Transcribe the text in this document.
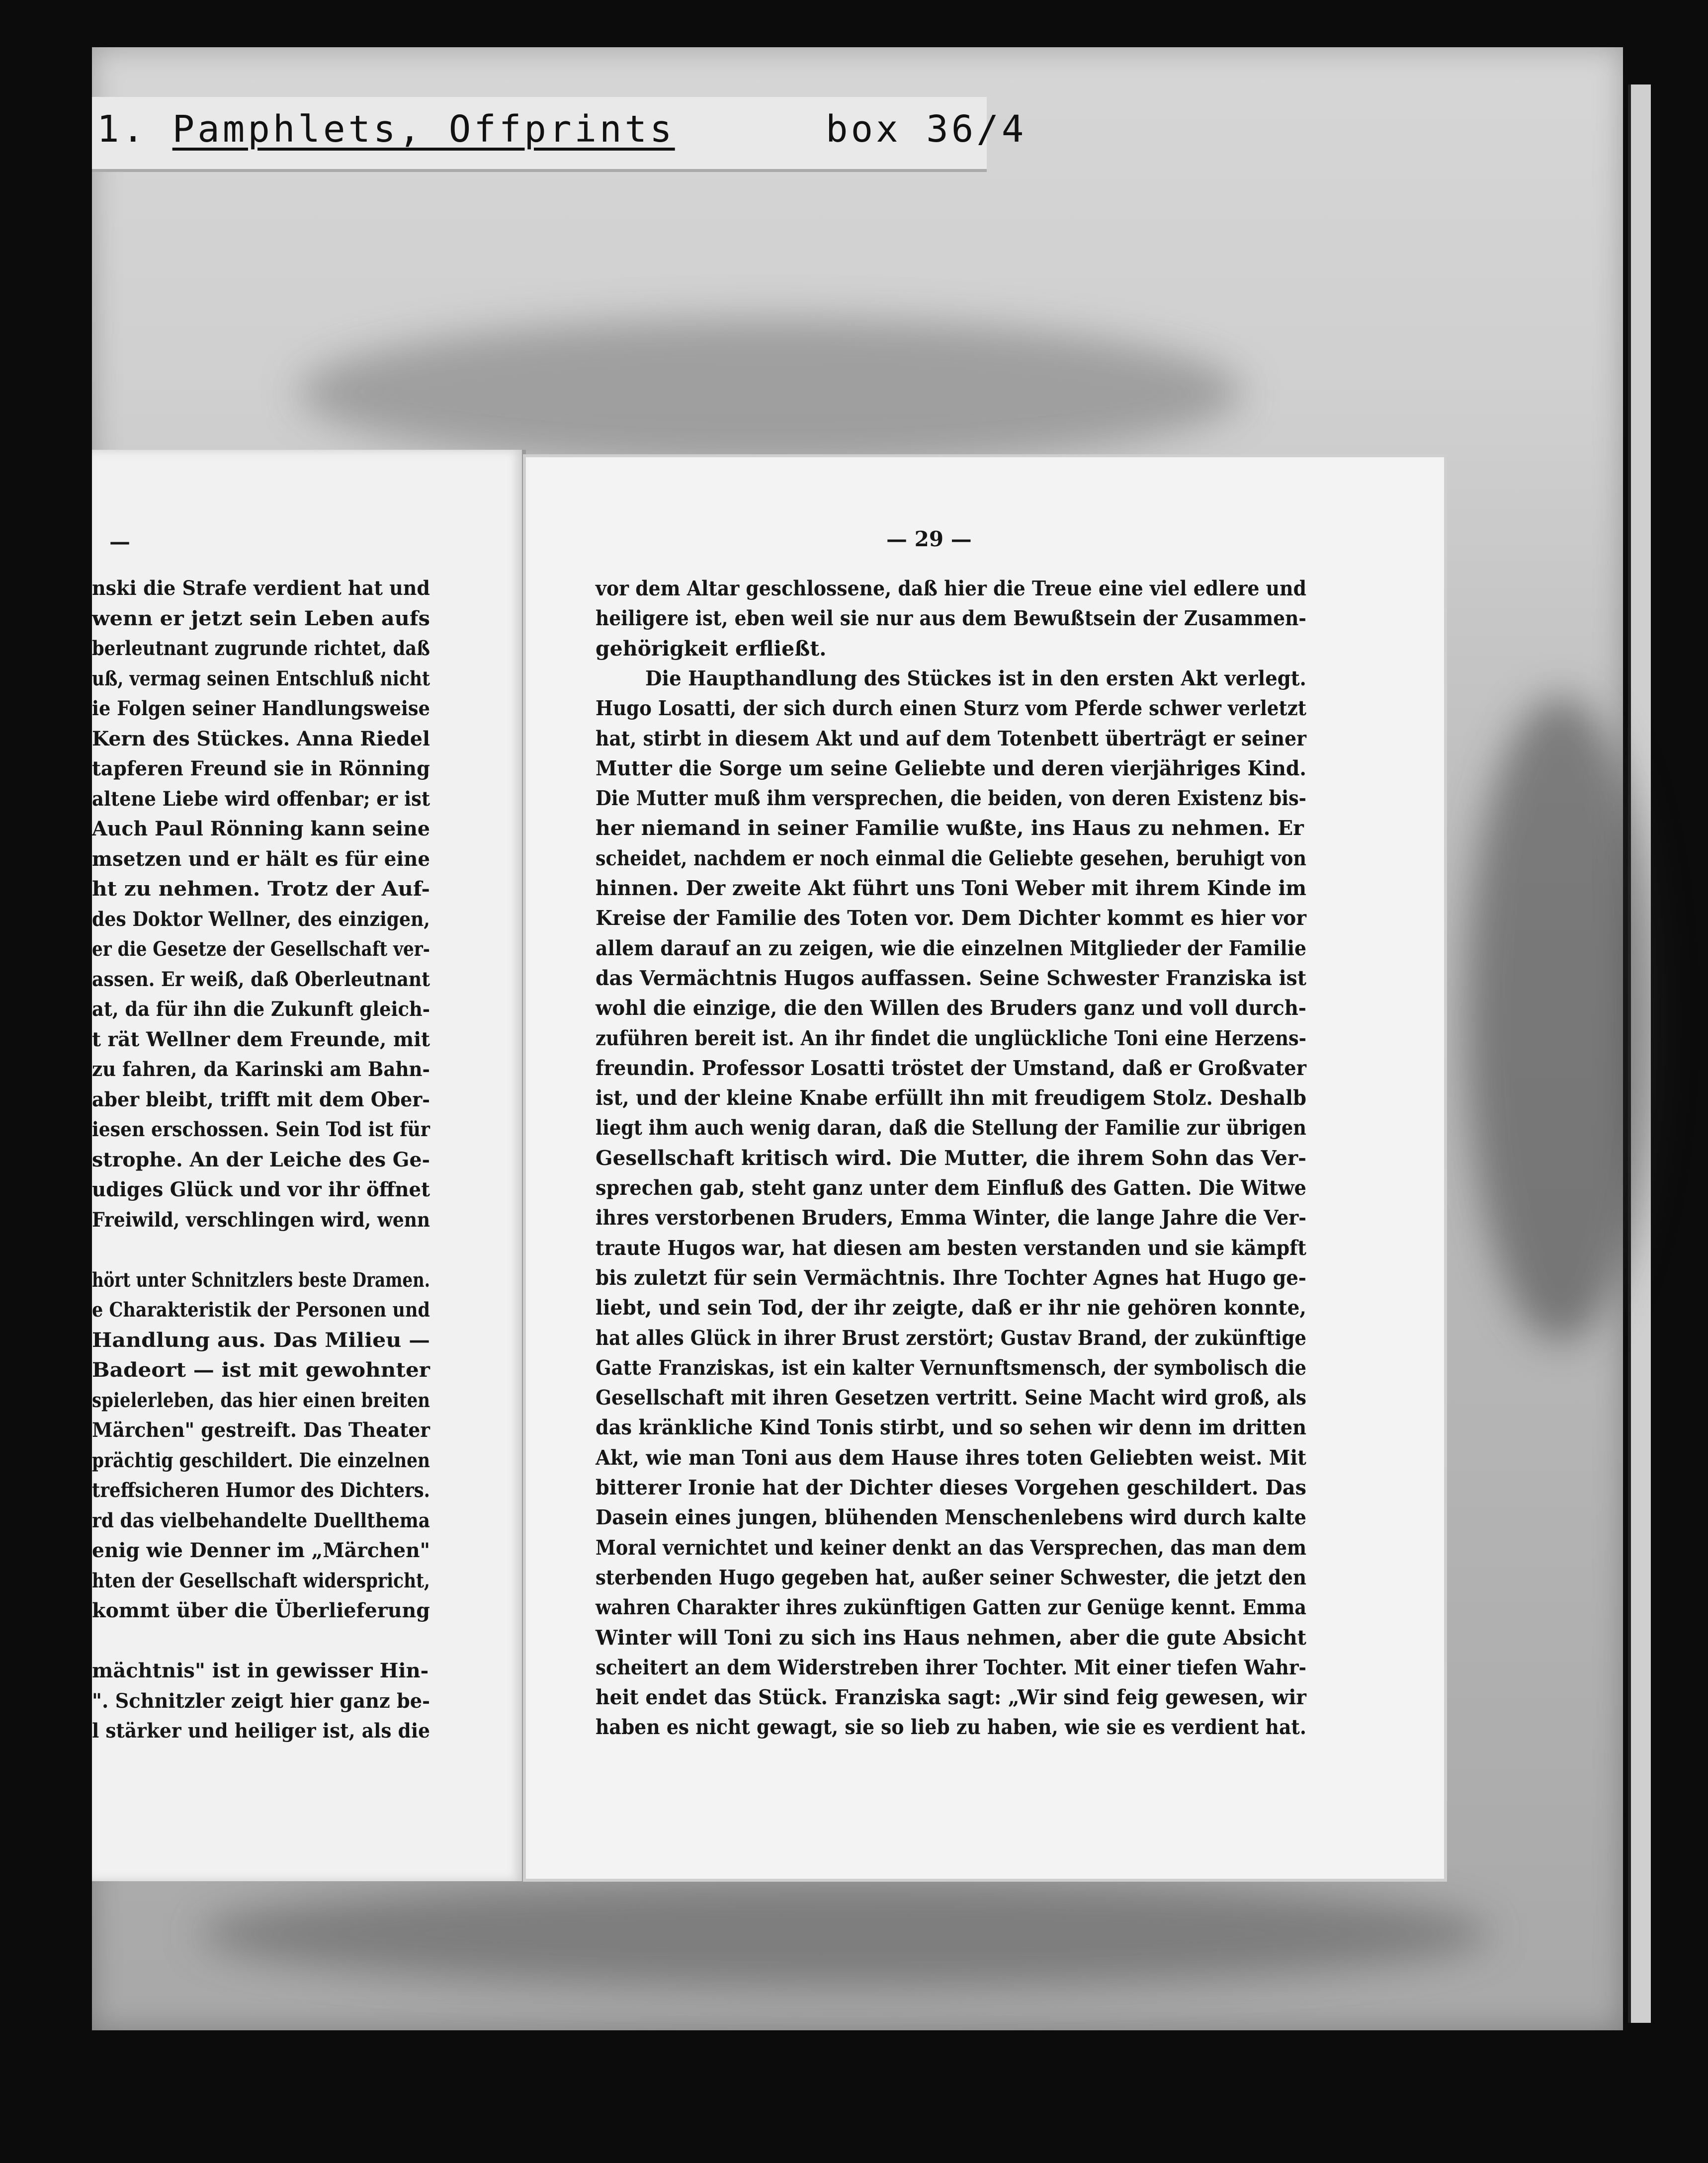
1. Pamphlets, Offprints	box 36/4
—
nski die Strafe verdient hat und
wenn er jetzt sein Leben aufs
berleutnant zugrunde richtet, daß
uß, vermag seinen Entschluß nicht
ie Folgen seiner Handlungsweise
Kern des Stückes. Anna Riedel
tapferen Freund sie in Rönning
altene Liebe wird offenbar; er ist
Auch Paul Rönning kann seine
msetzen und er hält es für eine
ht zu nehmen. Trotz der Auf-
des Doktor Wellner, des einzigen,
er die Gesetze der Gesellschaft ver-
assen. Er weiß, daß Oberleutnant
at, da für ihn die Zukunft gleich-
t rät Wellner dem Freunde, mit
zu fahren, da Karinski am Bahn-
aber bleibt, trifft mit dem Ober-
iesen erschossen. Sein Tod ist für
strophe. An der Leiche des Ge-
udiges Glück und vor ihr öffnet
Freiwild, verschlingen wird, wenn
hört unter Schnitzlers beste Dramen.
e Charakteristik der Personen und
Handlung aus. Das Milieu —
Badeort — ist mit gewohnter
spielerleben, das hier einen breiten
Märchen" gestreift. Das Theater
prächtig geschildert. Die einzelnen
treffsicheren Humor des Dichters.
rd das vielbehandelte Duellthema
enig wie Denner im „Märchen"
hten der Gesellschaft widerspricht,
kommt über die Überlieferung
mächtnis" ist in gewisser Hin-
". Schnitzler zeigt hier ganz be-
l stärker und heiliger ist, als die
— 29 —
vor dem Altar geschlossene, daß hier die Treue eine viel edlere und
heiligere ist, eben weil sie nur aus dem Bewußtsein der Zusammen-
gehörigkeit erfließt.
Die Haupthandlung des Stückes ist in den ersten Akt verlegt.
Hugo Losatti, der sich durch einen Sturz vom Pferde schwer verletzt
hat, stirbt in diesem Akt und auf dem Totenbett überträgt er seiner
Mutter die Sorge um seine Geliebte und deren vierjähriges Kind.
Die Mutter muß ihm versprechen, die beiden, von deren Existenz bis-
her niemand in seiner Familie wußte, ins Haus zu nehmen. Er
scheidet, nachdem er noch einmal die Geliebte gesehen, beruhigt von
hinnen. Der zweite Akt führt uns Toni Weber mit ihrem Kinde im
Kreise der Familie des Toten vor. Dem Dichter kommt es hier vor
allem darauf an zu zeigen, wie die einzelnen Mitglieder der Familie
das Vermächtnis Hugos auffassen. Seine Schwester Franziska ist
wohl die einzige, die den Willen des Bruders ganz und voll durch-
zuführen bereit ist. An ihr findet die unglückliche Toni eine Herzens-
freundin. Professor Losatti tröstet der Umstand, daß er Großvater
ist, und der kleine Knabe erfüllt ihn mit freudigem Stolz. Deshalb
liegt ihm auch wenig daran, daß die Stellung der Familie zur übrigen
Gesellschaft kritisch wird. Die Mutter, die ihrem Sohn das Ver-
sprechen gab, steht ganz unter dem Einfluß des Gatten. Die Witwe
ihres verstorbenen Bruders, Emma Winter, die lange Jahre die Ver-
traute Hugos war, hat diesen am besten verstanden und sie kämpft
bis zuletzt für sein Vermächtnis. Ihre Tochter Agnes hat Hugo ge-
liebt, und sein Tod, der ihr zeigte, daß er ihr nie gehören konnte,
hat alles Glück in ihrer Brust zerstört; Gustav Brand, der zukünftige
Gatte Franziskas, ist ein kalter Vernunftsmensch, der symbolisch die
Gesellschaft mit ihren Gesetzen vertritt. Seine Macht wird groß, als
das kränkliche Kind Tonis stirbt, und so sehen wir denn im dritten
Akt, wie man Toni aus dem Hause ihres toten Geliebten weist. Mit
bitterer Ironie hat der Dichter dieses Vorgehen geschildert. Das
Dasein eines jungen, blühenden Menschenlebens wird durch kalte
Moral vernichtet und keiner denkt an das Versprechen, das man dem
sterbenden Hugo gegeben hat, außer seiner Schwester, die jetzt den
wahren Charakter ihres zukünftigen Gatten zur Genüge kennt. Emma
Winter will Toni zu sich ins Haus nehmen, aber die gute Absicht
scheitert an dem Widerstreben ihrer Tochter. Mit einer tiefen Wahr-
heit endet das Stück. Franziska sagt: „Wir sind feig gewesen, wir
haben es nicht gewagt, sie so lieb zu haben, wie sie es verdient hat.
